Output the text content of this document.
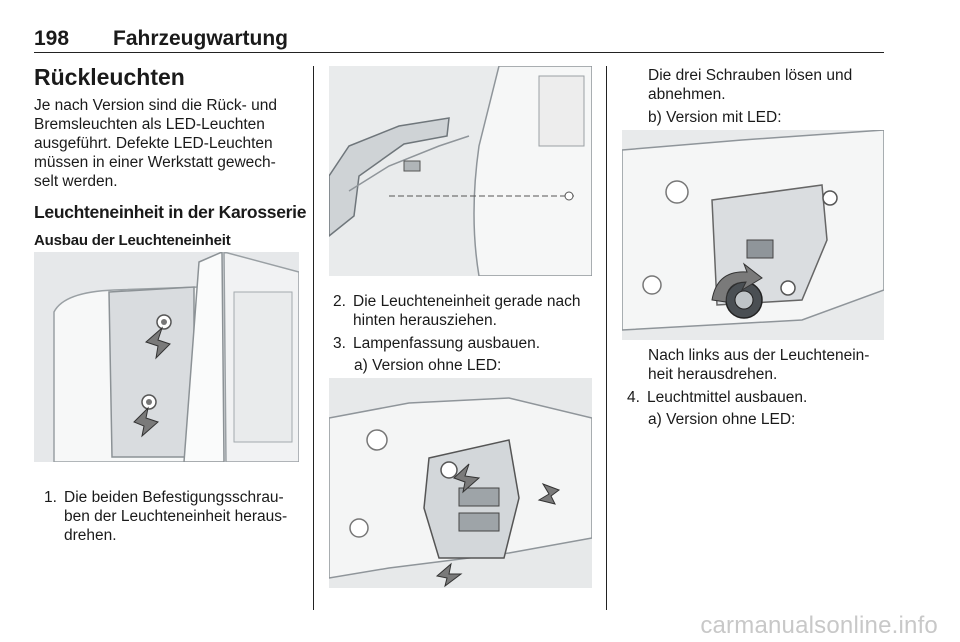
198 Fahrzeugwartung
Rückleuchten
Je nach Version sind die Rück- und Bremsleuchten als LED-Leuchten ausgeführt. Defekte LED-Leuchten müssen in einer Werkstatt gewech-selt werden.
Leuchteneinheit in der Karosserie
Ausbau der Leuchteneinheit
1. Die beiden Befestigungsschrau-ben der Leuchteneinheit heraus-drehen.
2. Die Leuchteneinheit gerade nach hinten herausziehen.
3. Lampenfassung ausbauen.
a) Version ohne LED:
Die drei Schrauben lösen und abnehmen.
b) Version mit LED:
Nach links aus der Leuchtenein-heit herausdrehen.
4. Leuchtmittel ausbauen.
a) Version ohne LED:
carmanualsonline.info
